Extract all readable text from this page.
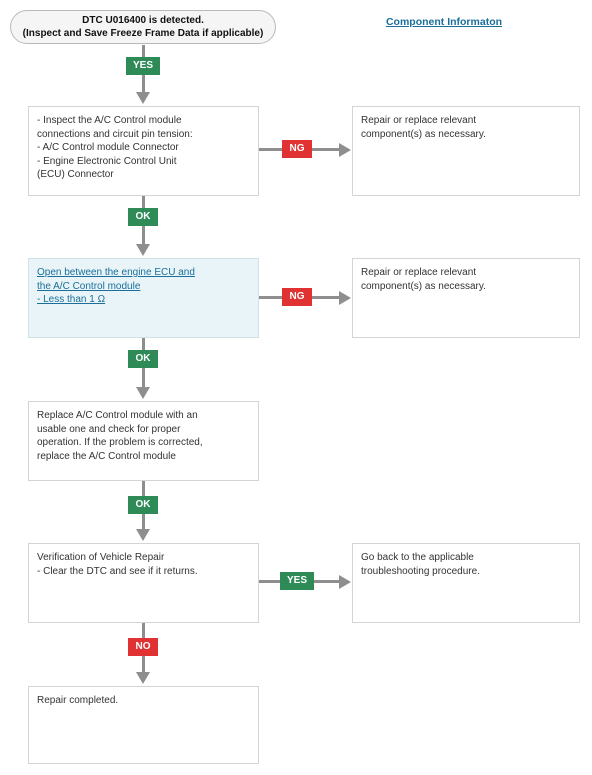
DTC U016400 is detected.
(Inspect and Save Freeze Frame Data if applicable)
Component Informaton
YES
- Inspect the A/C Control module
connections and circuit pin tension:
- A/C Control module Connector
- Engine Electronic Control Unit
(ECU) Connector
NG
Repair or replace relevant
component(s) as necessary.
OK
Open between the engine ECU and
the A/C Control module
- Less than 1 Ω	NG
Repair or replace relevant
component(s) as necessary.
OK
Replace A/C Control module with an
usable one and check for proper
operation. If the problem is corrected,
replace the A/C Control module
OK
Verification of Vehicle Repair
- Clear the DTC and see if it returns.
YES
Go back to the applicable
troubleshooting procedure.
NO
Repair completed.
